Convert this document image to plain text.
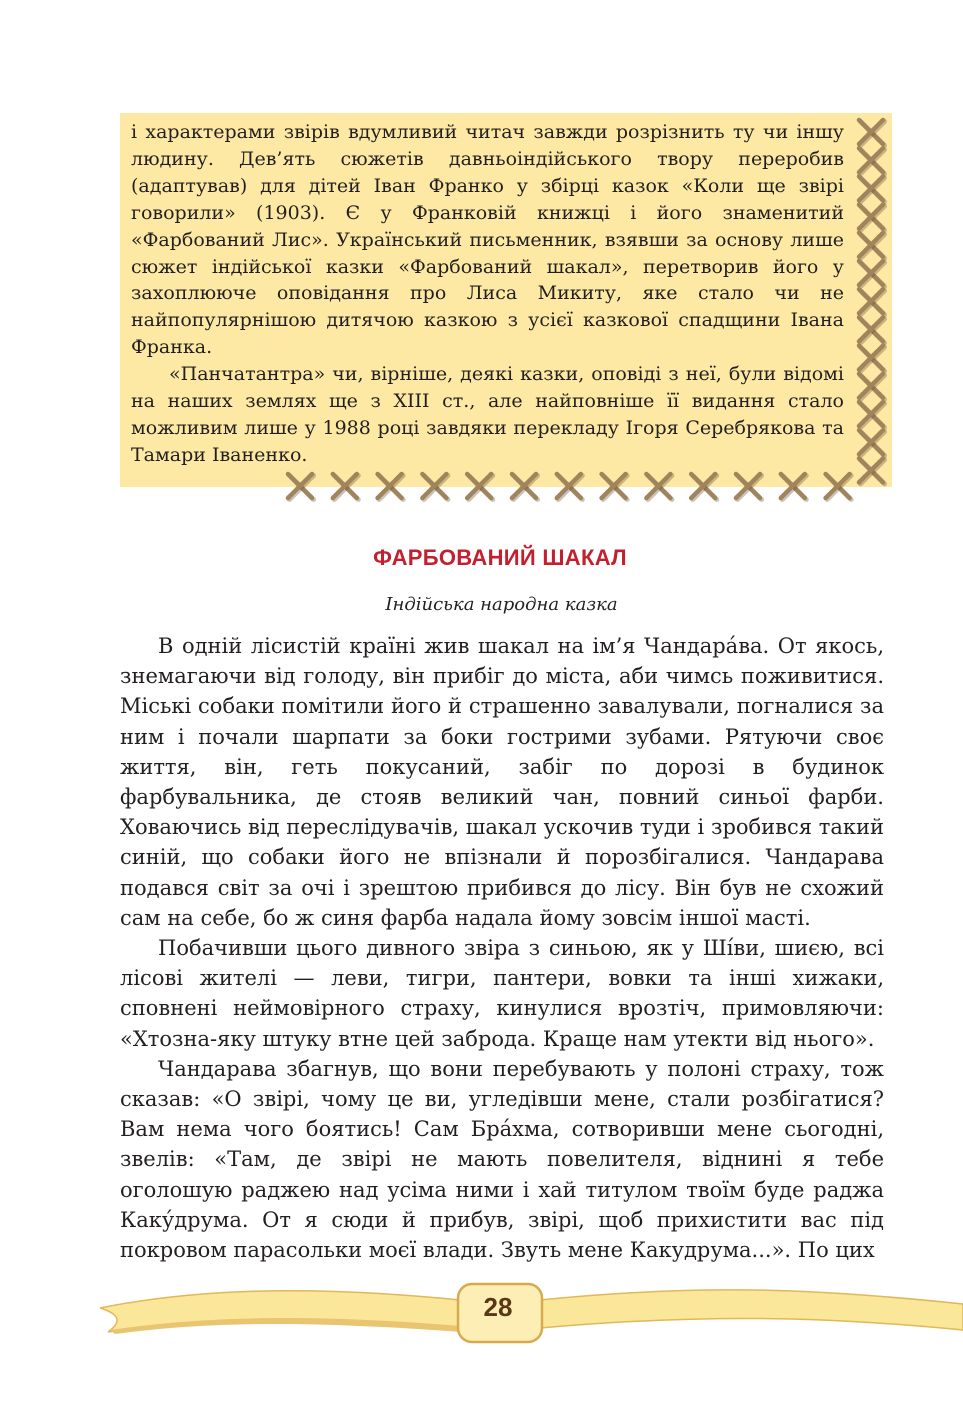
і характерами звірів вдумливий читач завжди розрізнить ту чи іншу людину. Дев’ять сюжетів давньоіндійського твору переробив (адаптував) для дітей Іван Франко у збірці казок «Коли ще звірі говорили» (1903). Є у Франковій книжці і його знаменитий «Фарбований Лис». Український письменник, взявши за основу лише сюжет індійської казки «Фарбований шакал», перетворив його у захоплююче оповідання про Лиса Микиту, яке стало чи не найпопулярнішою дитячою казкою з усієї казкової спадщини Івана Франка.

«Панчатантра» чи, вірніше, деякі казки, оповіді з неї, були відомі на наших землях ще з XIII ст., але найповніше її видання стало можливим лише у 1988 році завдяки перекладу Ігоря Серебрякова та Тамари Іваненко.

ФАРБОВАНИЙ ШАКАЛ
Індійська народна казка

В одній лісистій країні жив шакал на ім’я Чандара́ва. От якось, знемагаючи від голоду, він прибіг до міста, аби чимсь поживитися. Міські собаки помітили його й страшенно завалували, погналися за ним і почали шарпати за боки гострими зубами. Рятуючи своє життя, він, геть покусаний, забіг по дорозі в будинок фарбувальника, де стояв великий чан, повний синьої фарби. Ховаючись від переслідувачів, шакал ускочив туди і зробився такий синій, що собаки його не впізнали й порозбігалися. Чандарава подався світ за очі і зрештою прибився до лісу. Він був не схожий сам на себе, бо ж синя фарба надала йому зовсім іншої масті.

Побачивши цього дивного звіра з синьою, як у Ші́ви, шиєю, всі лісові жителі — леви, тигри, пантери, вовки та інші хижаки, сповнені неймовірного страху, кинулися врозтіч, примовляючи: «Хтозна-яку штуку втне цей заброда. Краще нам утекти від нього».

Чандарава збагнув, що вони перебувають у полоні страху, тож сказав: «О звірі, чому це ви, угледівши мене, стали розбігатися? Вам нема чого боятись! Сам Бра́хма, сотворивши мене сьогодні, звелів: «Там, де звірі не мають повелителя, віднині я тебе оголошую раджею над усіма ними і хай титулом твоїм буде раджа Каку́друма. От я сюди й прибув, звірі, щоб прихистити вас під покровом парасольки моєї влади. Звуть мене Какудрума...». По цих

28
